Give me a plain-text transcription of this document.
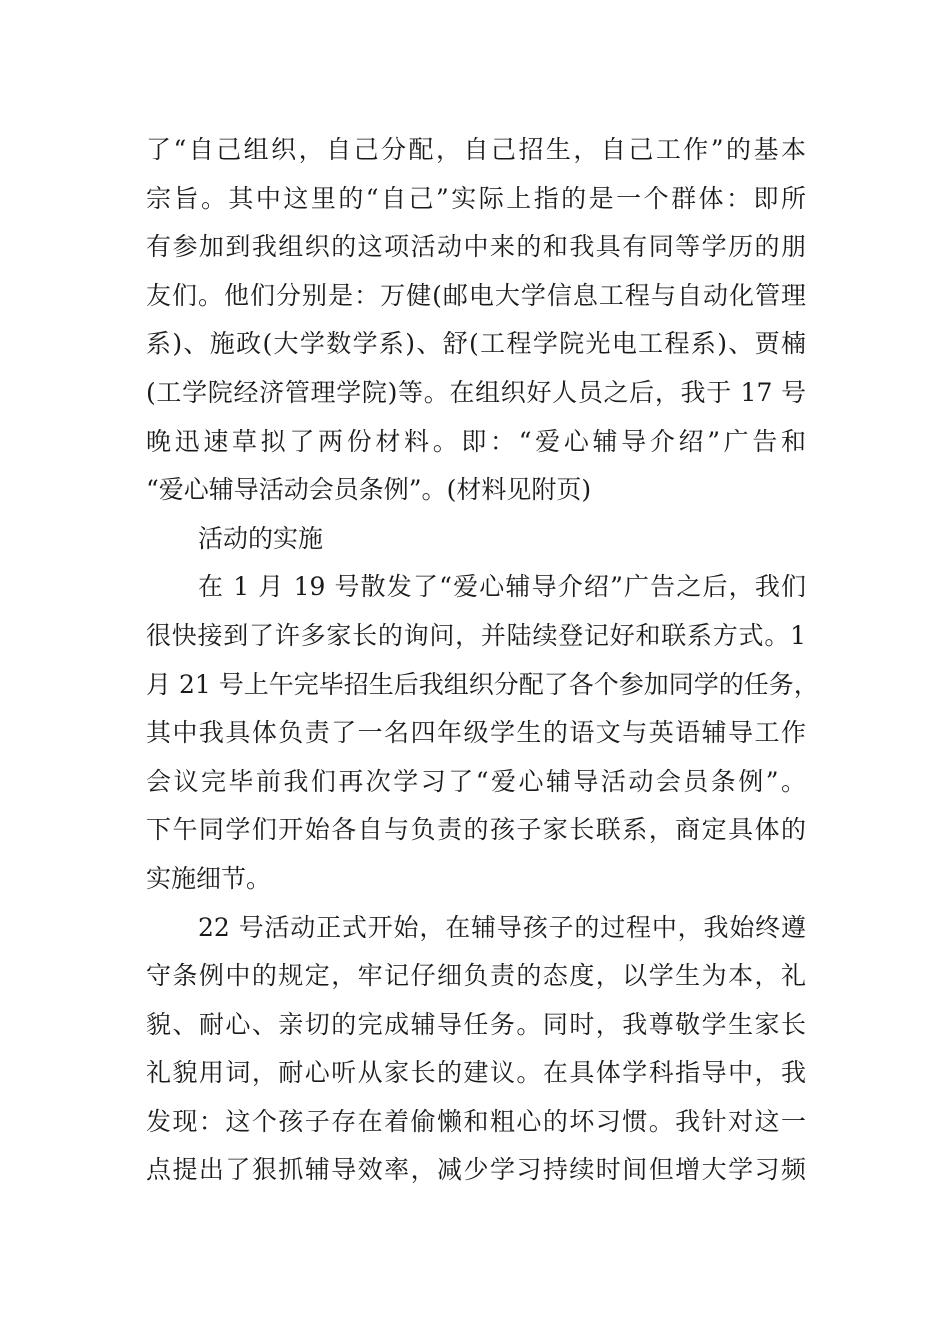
了“自己组织，自己分配，自己招生，自己工作”的基本
宗旨。其中这里的“自己”实际上指的是一个群体：即所
有参加到我组织的这项活动中来的和我具有同等学历的朋
友们。他们分别是：万健(邮电大学信息工程与自动化管理
系)、施政(大学数学系)、舒(工程学院光电工程系)、贾楠
(工学院经济管理学院)等。在组织好人员之后，我于 17 号
晚迅速草拟了两份材料。即：“爱心辅导介绍”广告和
“爱心辅导活动会员条例”。(材料见附页)
活动的实施
在 1 月 19 号散发了“爱心辅导介绍”广告之后，我们
很快接到了许多家长的询问，并陆续登记好和联系方式。1
月 21 号上午完毕招生后我组织分配了各个参加同学的任务，
其中我具体负责了一名四年级学生的语文与英语辅导工作
会议完毕前我们再次学习了“爱心辅导活动会员条例”。
下午同学们开始各自与负责的孩子家长联系，商定具体的
实施细节。
22 号活动正式开始，在辅导孩子的过程中，我始终遵
守条例中的规定，牢记仔细负责的态度，以学生为本，礼
貌、耐心、亲切的完成辅导任务。同时，我尊敬学生家长
礼貌用词，耐心听从家长的建议。在具体学科指导中，我
发现：这个孩子存在着偷懒和粗心的坏习惯。我针对这一
点提出了狠抓辅导效率，减少学习持续时间但增大学习频
